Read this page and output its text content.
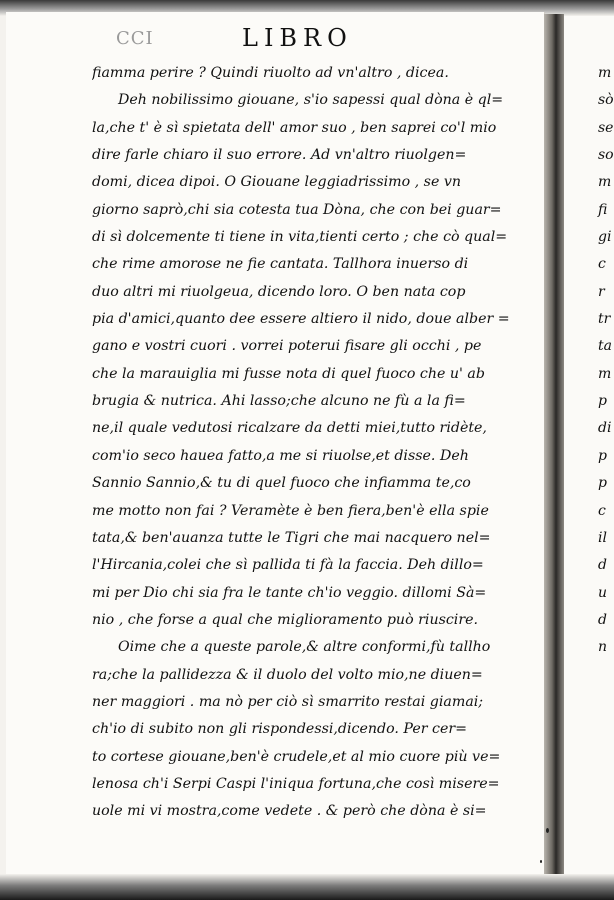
CCI	LIBRO
fiamma perire ? Quindi riuolto ad vn'altro , dicea.
Deh nobilissimo giouane, s'io sapessi qual dòna è ql=
la,che t' è sì spietata dell' amor suo , ben saprei co'l mio
dire farle chiaro il suo errore. Ad vn'altro riuolgen=
domi, dicea dipoi. O Giouane leggiadrissimo , se vn
giorno saprò,chi sia cotesta tua Dòna, che con bei guar=
di sì dolcemente ti tiene in vita,tienti certo ; che cò qual=
che rime amorose ne fie cantata. Tallhora inuerso di
duo altri mi riuolgeua, dicendo loro. O ben nata cop
pia d'amici,quanto dee essere altiero il nido, doue alber =
gano e vostri cuori . vorrei poterui fisare gli occhi , pe
che la marauiglia mi fusse nota di quel fuoco che u' ab
brugia & nutrica. Ahi lasso;che alcuno ne fù a la fi=
ne,il quale vedutosi ricalzare da detti miei,tutto ridète,
com'io seco hauea fatto,a me si riuolse,et disse. Deh
Sannio Sannio,& tu di quel fuoco che infiamma te,co
me motto non fai ? Veramète è ben fiera,ben'è ella spie
tata,& ben'auanza tutte le Tigri che mai nacquero nel=
l'Hircania,colei che sì pallida ti fà la faccia. Deh dillo=
mi per Dio chi sia fra le tante ch'io veggio. dillomi Sà=
nio , che forse a qual che miglioramento può riuscire.
Oime che a queste parole,& altre conformi,fù tallho
ra;che la pallidezza & il duolo del volto mio,ne diuen=
ner maggiori . ma nò per ciò sì smarrito restai giamai;
ch'io di subito non gli rispondessi,dicendo. Per cer=
to cortese giouane,ben'è crudele,et al mio cuore più ve=
lenosa ch'i Serpi Caspi l'iniqua fortuna,che così misere=
uole mi vi mostra,come vedete . & però che dòna è si=
m
sò
se
so
m
fi
gi
c
r
tr
ta
m
p
di
p
p
c
il
d
u
d
n
